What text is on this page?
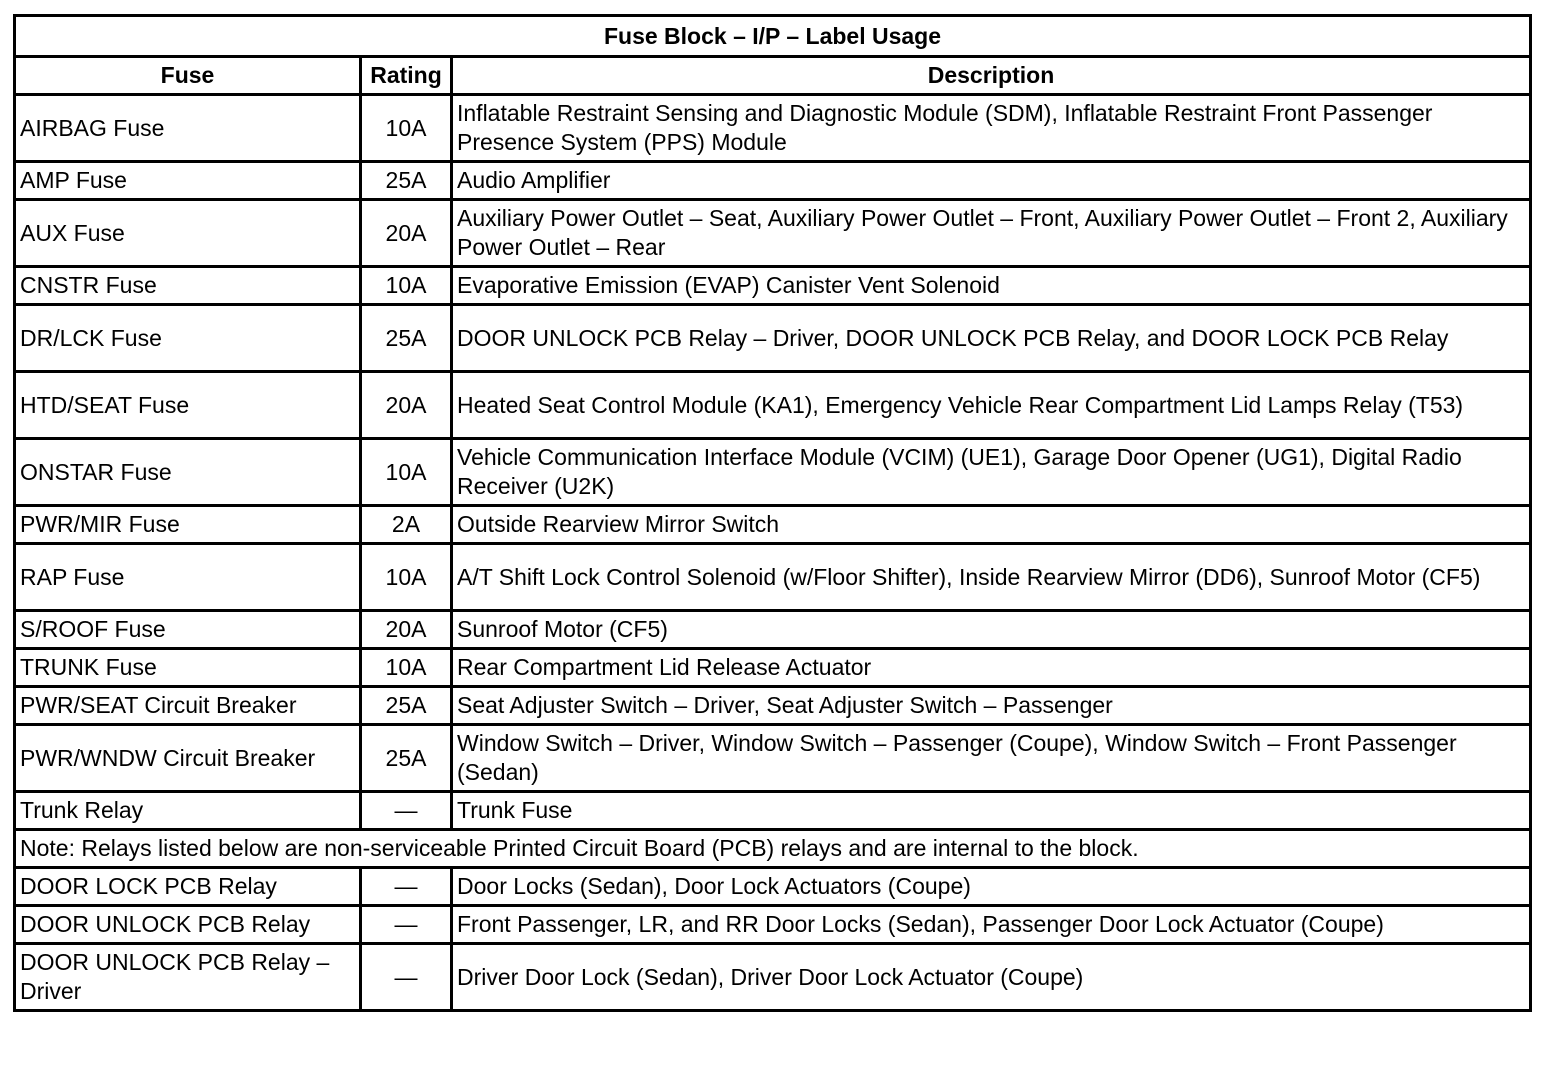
Fuse Block – I/P – Label Usage		
Fuse	Rating	Description
AIRBAG Fuse	10A	Inflatable Restraint Sensing and Diagnostic Module (SDM), Inflatable Restraint Front Passenger Presence System (PPS) Module
AMP Fuse	25A	Audio Amplifier
AUX Fuse	20A	Auxiliary Power Outlet – Seat, Auxiliary Power Outlet – Front, Auxiliary Power Outlet – Front 2, Auxiliary Power Outlet – Rear
CNSTR Fuse	10A	Evaporative Emission (EVAP) Canister Vent Solenoid
DR/LCK Fuse	25A	DOOR UNLOCK PCB Relay – Driver, DOOR UNLOCK PCB Relay, and DOOR LOCK PCB Relay
HTD/SEAT Fuse	20A	Heated Seat Control Module (KA1), Emergency Vehicle Rear Compartment Lid Lamps Relay (T53)
ONSTAR Fuse	10A	Vehicle Communication Interface Module (VCIM) (UE1), Garage Door Opener (UG1), Digital Radio Receiver (U2K)
PWR/MIR Fuse	2A	Outside Rearview Mirror Switch
RAP Fuse	10A	A/T Shift Lock Control Solenoid (w/Floor Shifter), Inside Rearview Mirror (DD6), Sunroof Motor (CF5)
S/ROOF Fuse	20A	Sunroof Motor (CF5)
TRUNK Fuse	10A	Rear Compartment Lid Release Actuator
PWR/SEAT Circuit Breaker	25A	Seat Adjuster Switch – Driver, Seat Adjuster Switch – Passenger
PWR/WNDW Circuit Breaker	25A	Window Switch – Driver, Window Switch – Passenger (Coupe), Window Switch – Front Passenger (Sedan)
Trunk Relay	—	Trunk Fuse
Note: Relays listed below are non-serviceable Printed Circuit Board (PCB) relays and are internal to the block.		
DOOR LOCK PCB Relay	—	Door Locks (Sedan), Door Lock Actuators (Coupe)
DOOR UNLOCK PCB Relay	—	Front Passenger, LR, and RR Door Locks (Sedan), Passenger Door Lock Actuator (Coupe)
DOOR UNLOCK PCB Relay – Driver	—	Driver Door Lock (Sedan), Driver Door Lock Actuator (Coupe)
